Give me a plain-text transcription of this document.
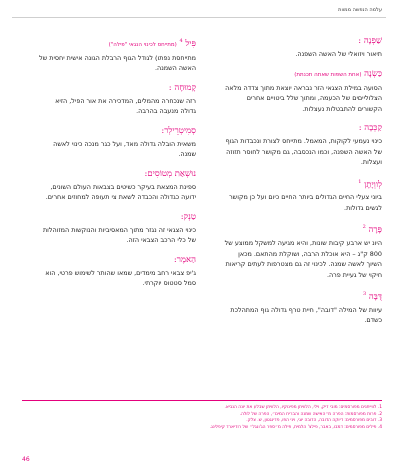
עלמה הנפשה ממוות
שַׁפְנָה :
תיאור ויזואלי של האשה השפנה.
כַּשְׂנָה (אחת השפות שאתה תכנתת)
הסועה במילת הצגאי הזר נבראה יוצאת מתוך צדדה מלאה הצלולייםים של הכעמה, ומתוך שלל ביטויים אחרים הקשורים להתבטלות נעצלות.
קַכְּבָה :
כינוי נעמעי לקוקות, המאמל. מתייחס לצורת ונכבדות הגוף של האשה השפנה, וכמו הנכסבה, גם מקושר לחוסר תזוזה ועצלות.
לְווְיָתָן $^1$
ביוני צעלי החיים הגדולים ביותר החיים כיום ועל כן מקושר לגשים גדולות.
פָּרָה $^2$
היונ יש ארבע קיבות שונות, והיא מגיעה למשקל ממוצע של 800 ק"ג – היא אוכלת הרבה, ושוקלת מהתאם. מכאן השיוך לאשה שמנה. לכינוי זה גם מצטרפות לעתים קריאות חיקוי של געיית פרה.
דֻּבָּה $^3$
עיוות של המילה "דובה", חיית טרף גדולה גוף המתהלכת כשדם.
פִּיל $^4$ (מתייחס לכינוי הנגאי "פילה")
מתייחסת נפתו) לגודל הגוף הרבלת הגונה אישית יחסית של האשה השמנה.
קָמוּחָה :
רזה שנכחרה מהמלים, המדכירה את אור הפיל, הזיא גדולה מנעבה בהרבה.
סְמִיטְרֵילְר:
משאית הובלה גדולה מאד, ועל כגר מנכה כינוי לאשה שמנה.
נוּשְׁאַת מְטוֹסִים:
ספינת המצאת בעיקר כשיטים בצבאות העולם השונים, ידועה כגדולה והכבדה לשאת צי תעופה למחוזים אחרים.
טַנְק:
כינוי הצגאי זה נגזר מתוך המאסיביות והנוקשות המזוהלות של כלי הרכב הצבאי הזה.
הַאמֶר:
ג'יפ צבאי רחב מימדים, שמאו שהותר לשימוש פרטי, הוא סמל סטטוס יוקרתי.
1. לווייתנים מפורסמים: מובי דיק, וילי, הלוויתן מפינוקיו, הלוויתן שבלע את יונה הנביא.
2. פרות מפורסמות: הפרה מ״האישה שמנה והבריח המים״, הפרה של לולה.
3. דובים מפורסמים: דיוקה הדובה, הדובה יוגי, ויני הפו, פדינגטון, ש. צלק.
4. פילים מפורסמים: דמבו, באבר, פילצ' הלמית, פילה מ״ספר הג'ונגל״ של רודיארד קיפלינג.
46
